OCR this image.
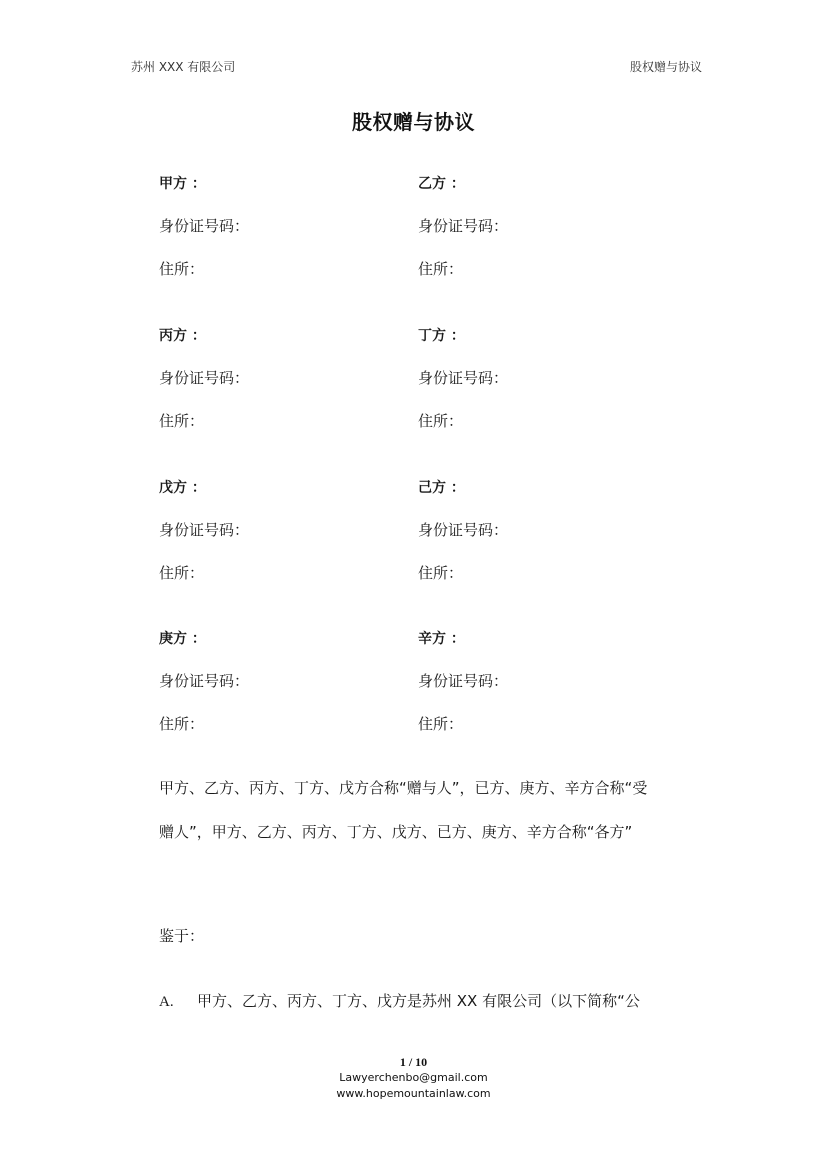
苏州 XXX 有限公司	股权赠与协议
股权赠与协议
甲方 ：
身份证号码：
住所：
乙方 ：
身份证号码：
住所：
丙方 ：
身份证号码：
住所：
丁方 ：
身份证号码：
住所：
戊方 ：
身份证号码：
住所：
己方 ：
身份证号码：
住所：
庚方 ：
身份证号码：
住所：
辛方 ：
身份证号码：
住所：
甲方、乙方、丙方、丁方、戊方合称“赠与人”，已方、庚方、辛方合称“受
赠人”，甲方、乙方、丙方、丁方、戊方、已方、庚方、辛方合称“各方”
鉴于：
A. 甲方、乙方、丙方、丁方、戊方是苏州 XX 有限公司（以下简称“公
1 / 10
Lawyerchenbo@gmail.com
www.hopemountainlaw.com
